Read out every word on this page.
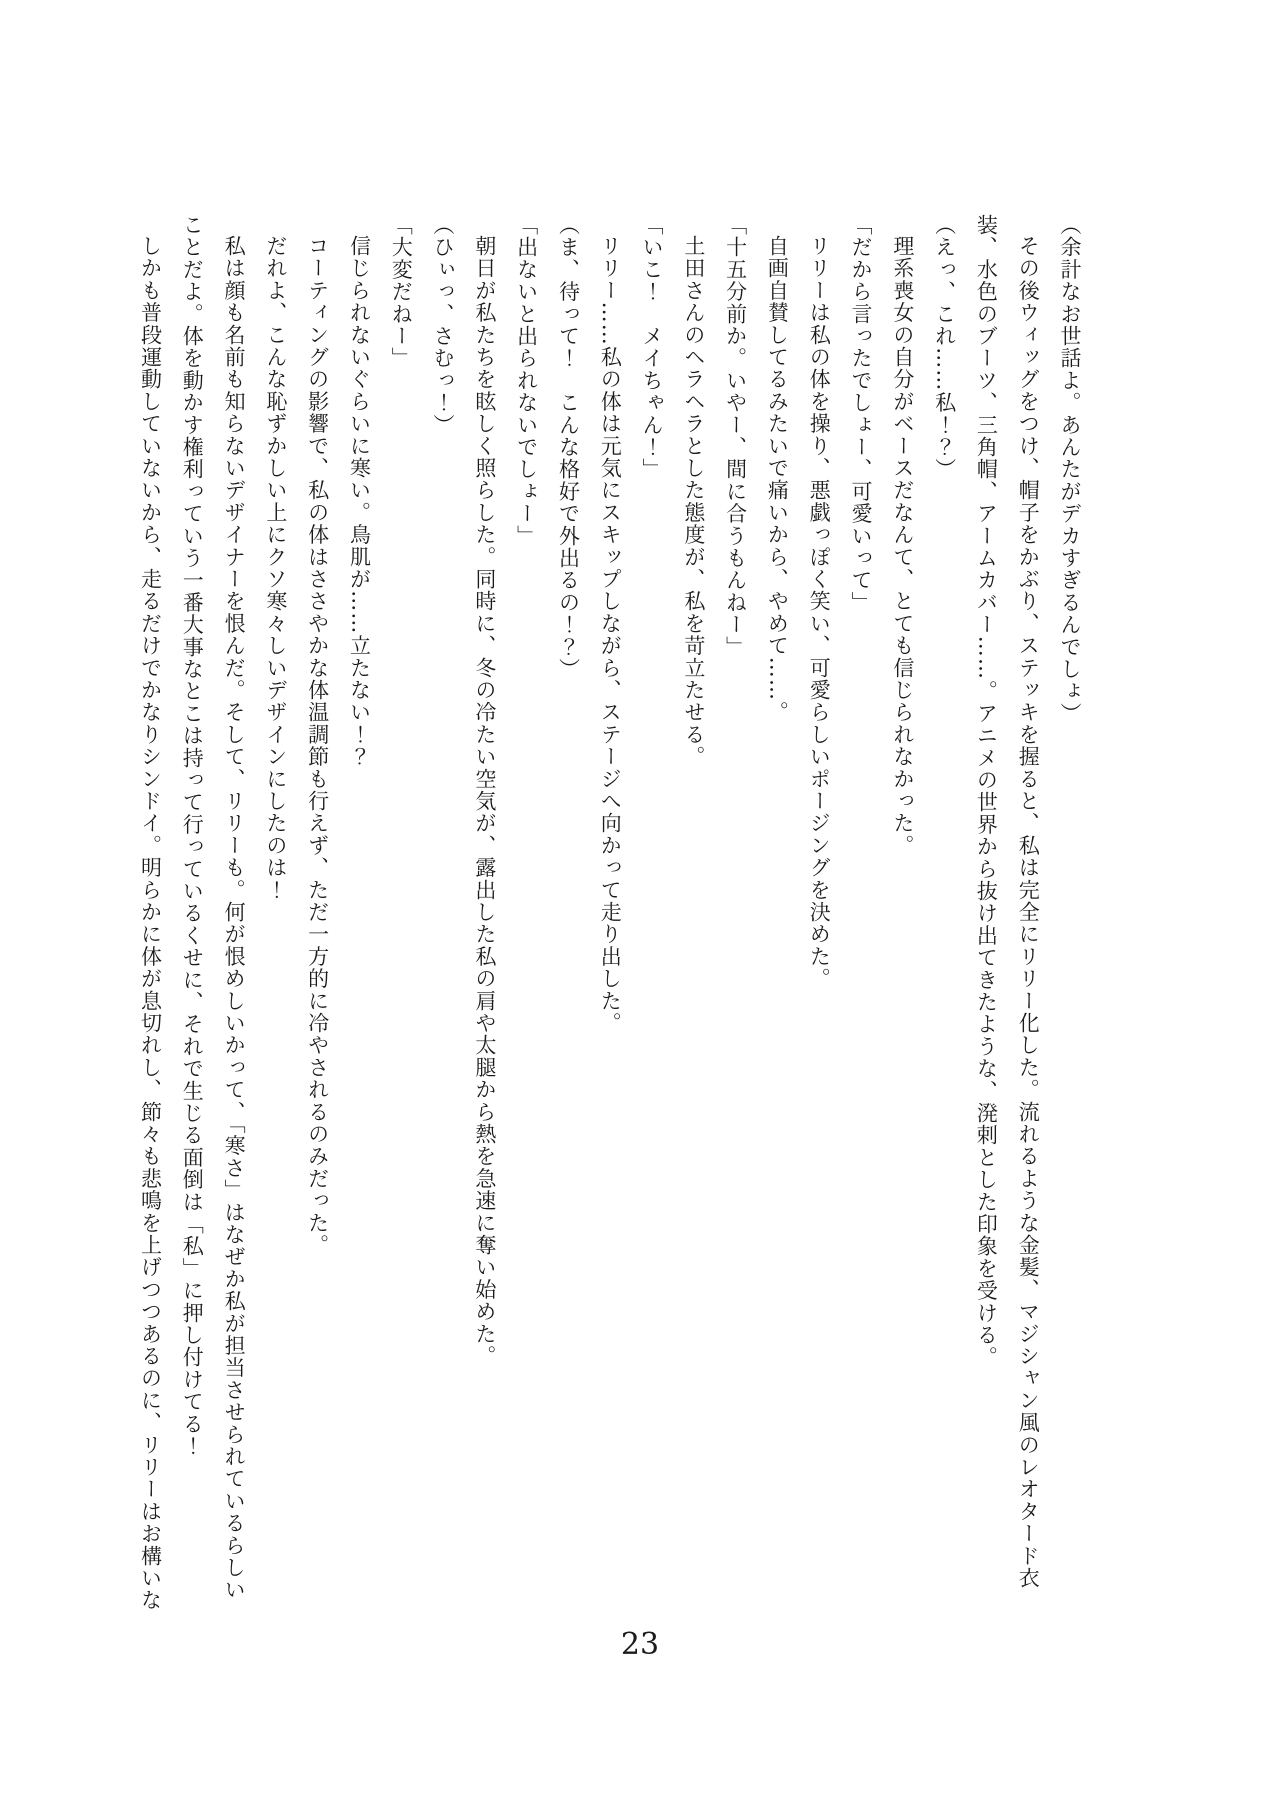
（余計なお世話よ。あんたがデカすぎるんでしょ）

その後ウィッグをつけ、帽子をかぶり、ステッキを握ると、私は完全にリリー化した。流れるような金髪、マジシャン風のレオタード衣装、水色のブーツ、三角帽、アームカバー……。アニメの世界から抜け出てきたような、溌剌とした印象を受ける。

（えっ、これ……私！？）

理系喪女の自分がベースだなんて、とても信じられなかった。

「だから言ったでしょー、可愛いって」

リリーは私の体を操り、悪戯っぽく笑い、可愛らしいポージングを決めた。

自画自賛してるみたいで痛いから、やめて……。

「十五分前か。いやー、間に合うもんねー」

土田さんのヘラヘラとした態度が、私を苛立たせる。

「いこ！　メイちゃん！」

リリー……私の体は元気にスキップしながら、ステージへ向かって走り出した。

（ま、待って！　こんな格好で外出るの！？）

「出ないと出られないでしょー」

朝日が私たちを眩しく照らした。同時に、冬の冷たい空気が、露出した私の肩や太腿から熱を急速に奪い始めた。

（ひぃっ、さむっ！）

「大変だねー」

信じられないぐらいに寒い。鳥肌が……立たない！？

コーティングの影響で、私の体はささやかな体温調節も行えず、ただ一方的に冷やされるのみだった。

だれよ、こんな恥ずかしい上にクソ寒々しいデザインにしたのは！

私は顔も名前も知らないデザイナーを恨んだ。そして、リリーも。何が恨めしいかって、「寒さ」はなぜか私が担当させられているらしいことだよ。体を動かす権利っていう一番大事なとこは持って行っているくせに、それで生じる面倒は「私」に押し付けてる！

しかも普段運動していないから、走るだけでかなりシンドイ。明らかに体が息切れし、節々も悲鳴を上げつつあるのに、リリーはお構いな

23
